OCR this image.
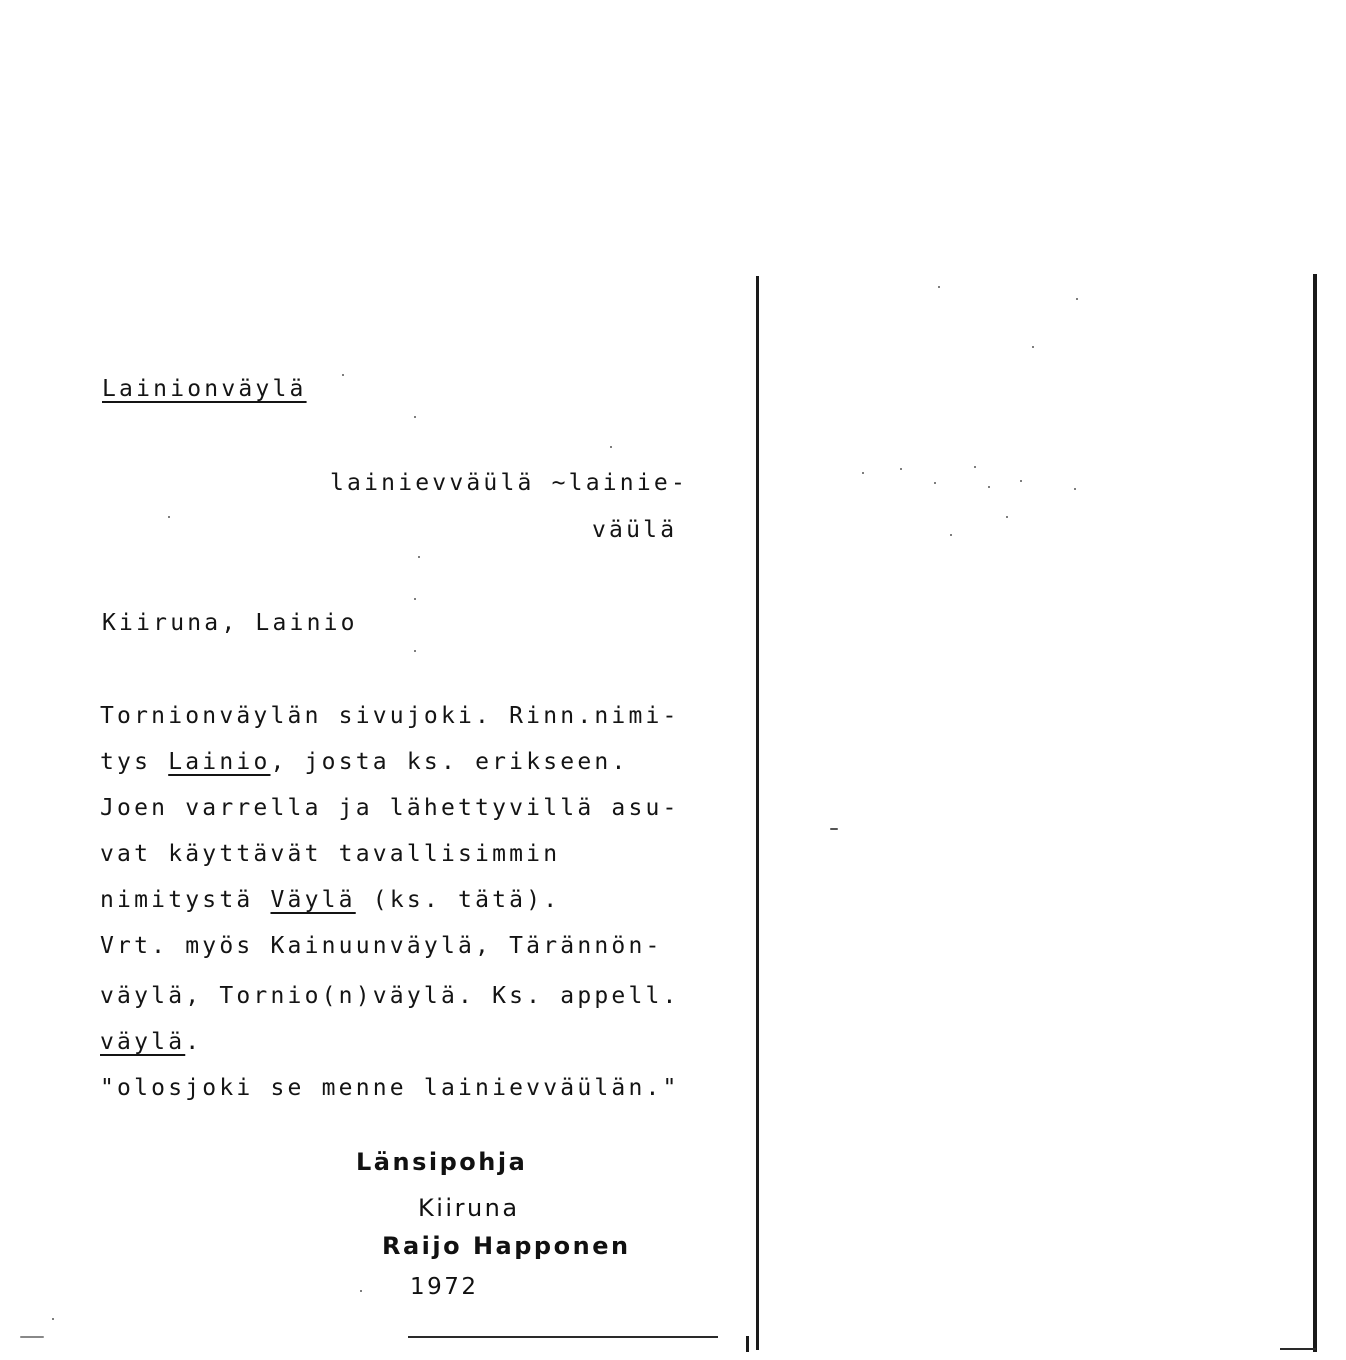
Lainionväylä

lainievväülä ~lainie-

väülä

Kiiruna, Lainio

Tornionväylän sivujoki. Rinn.nimi-

tys Lainio, josta ks. erikseen.

Joen varrella ja lähettyvillä asu-

vat käyttävät tavallisimmin

nimitystä Väylä (ks. tätä).

Vrt. myös Kainuunväylä, Tärännön-

väylä, Tornio(n)väylä. Ks. appell.

väylä.

"olosjoki se menne lainievväülän."

Länsipohja
Kiiruna
Raijo Happonen
1972
